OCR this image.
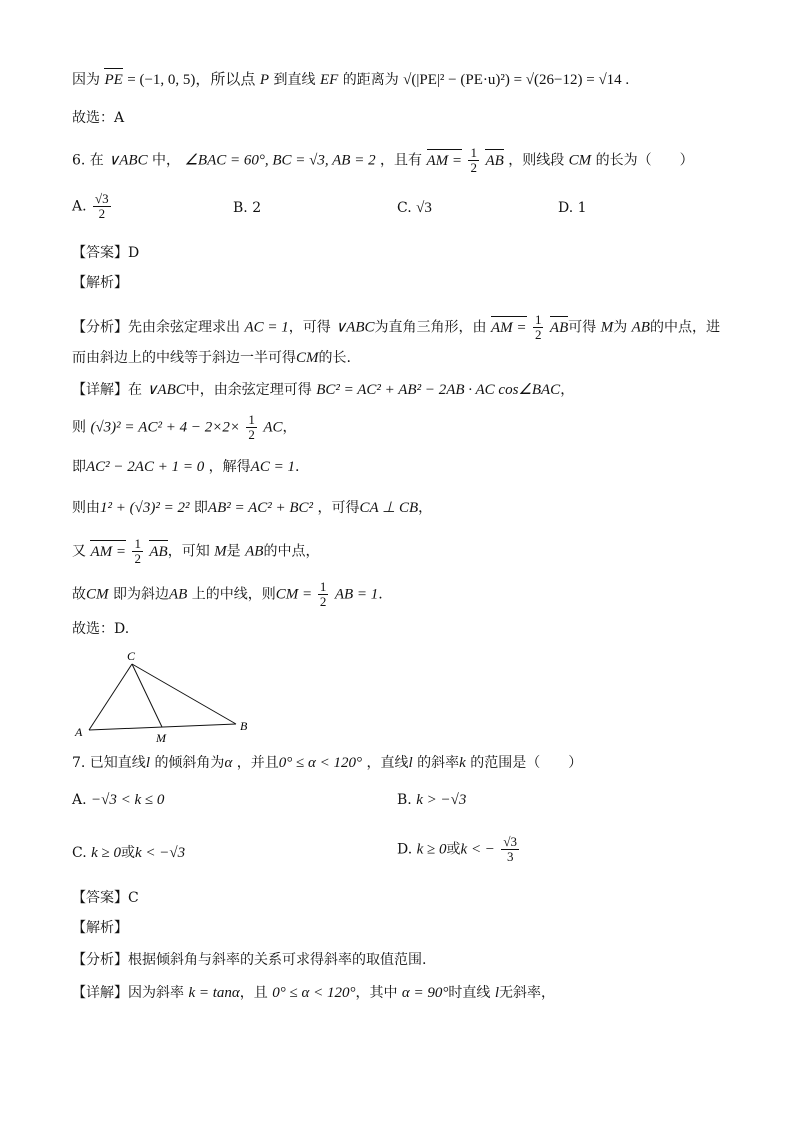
因为 PE = (−1, 0, 5)，所以点 P 到直线 EF 的距离为 √(|PE|² − (PE·u)²) = √(26−12) = √14 .
故选：A
6. 在 ∨ABC 中， ∠BAC = 60°, BC = √3, AB = 2 ，且有 AM = $\frac{1}{2}$ AB ，则线段 CM 的长为（　　）
A. $\frac{√3}{2}$	B. 2	C. √3	D. 1
【答案】D
【解析】
【分析】先由余弦定理求出 AC = 1，可得 ∨ABC为直角三角形，由 AM = $\frac{1}{2}$ AB可得 M为 AB的中点，进
而由斜边上的中线等于斜边一半可得CM的长.
【详解】在 ∨ABC中，由余弦定理可得 BC² = AC² + AB² − 2AB · AC cos∠BAC，
则 $(√3)^2 = AC^2 + 4 - 2\times 2\times \frac{1}{2}$ AC，
即AC² − 2AC + 1 = 0 ，解得AC = 1.
则由1² + (√3)² = 2² 即AB² = AC² + BC² ，可得CA ⊥ CB，
又 AM = $\frac{1}{2}$ AB，可知 M是 AB的中点，
故CM 即为斜边AB 上的中线，则CM = $\frac{1}{2}$ AB = 1.
故选：D.
C
A	B
M
7. 已知直线l 的倾斜角为α ，并且0° ≤ α < 120° ，直线l 的斜率k 的范围是（　　）
A. −√3 < k ≤ 0	B. k > −√3
C. k ≥ 0或k < −√3	D. k ≥ 0或k < − $\frac{√3}{3}$
【答案】C
【解析】
【分析】根据倾斜角与斜率的关系可求得斜率的取值范围.
【详解】因为斜率 k = tanα，且 0° ≤ α < 120°，其中 α = 90°时直线 l无斜率，
